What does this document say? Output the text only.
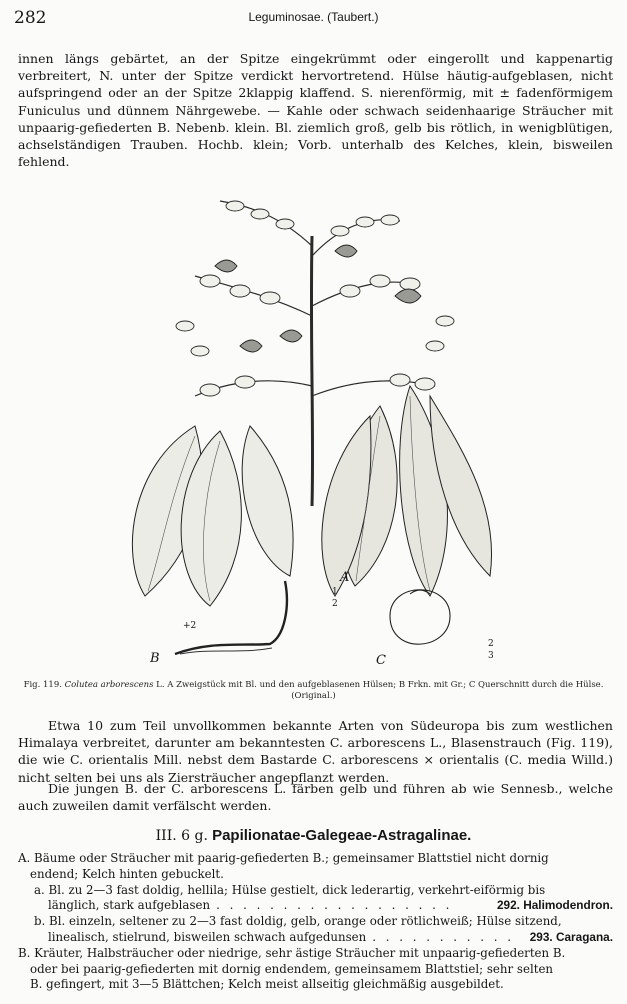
282	Leguminosae. (Taubert.)
innen längs gebärtet, an der Spitze eingekrümmt oder eingerollt und kappenartig verbreitert, N. unter der Spitze verdickt hervortretend. Hülse häutig-aufgeblasen, nicht aufspringend oder an der Spitze 2klappig klaffend. S. nierenförmig, mit ± fadenförmigem Funiculus und dünnem Nährgewebe. — Kahle oder schwach seidenhaarige Sträucher mit unpaarig-gefiederten B. Nebenb. klein. Bl. ziemlich groß, gelb bis rötlich, in wenigblütigen, achselständigen Trauben. Hochb. klein; Vorb. unterhalb des Kelches, klein, bisweilen fehlend.
A
1
2
B
+2
C
2
3
Fig. 119. Colutea arborescens L. A Zweigstück mit Bl. und den aufgeblasenen Hülsen; B Frkn. mit Gr.; C Querschnitt durch die Hülse. (Original.)
Etwa 10 zum Teil unvollkommen bekannte Arten von Südeuropa bis zum westlichen Himalaya verbreitet, darunter am bekanntesten C. arborescens L., Blasenstrauch (Fig. 119), die wie C. orientalis Mill. nebst dem Bastarde C. arborescens × orientalis (C. media Willd.) nicht selten bei uns als Ziersträucher angepflanzt werden.
Die jungen B. der C. arborescens L. färben gelb und führen ab wie Sennesb., welche auch zuweilen damit verfälscht werden.
III. 6 g. Papilionatae-Galegeae-Astragalinae.
A. Bäume oder Sträucher mit paarig-gefiederten B.; gemeinsamer Blattstiel nicht dornig
endend; Kelch hinten gebuckelt.
a. Bl. zu 2—3 fast doldig, hellila; Hülse gestielt, dick lederartig, verkehrt-eiförmig bis
länglich, stark aufgeblasen . . . . . . . . . . . . . . . . . .	292. Halimodendron.
b. Bl. einzeln, seltener zu 2—3 fast doldig, gelb, orange oder rötlichweiß; Hülse sitzend,
linealisch, stielrund, bisweilen schwach aufgedunsen . . . . . . . . . . .	293. Caragana.
B. Kräuter, Halbsträucher oder niedrige, sehr ästige Sträucher mit unpaarig-gefiederten B.
oder bei paarig-gefiederten mit dornig endendem, gemeinsamem Blattstiel; sehr selten
B. gefingert, mit 3—5 Blättchen; Kelch meist allseitig gleichmäßig ausgebildet.
